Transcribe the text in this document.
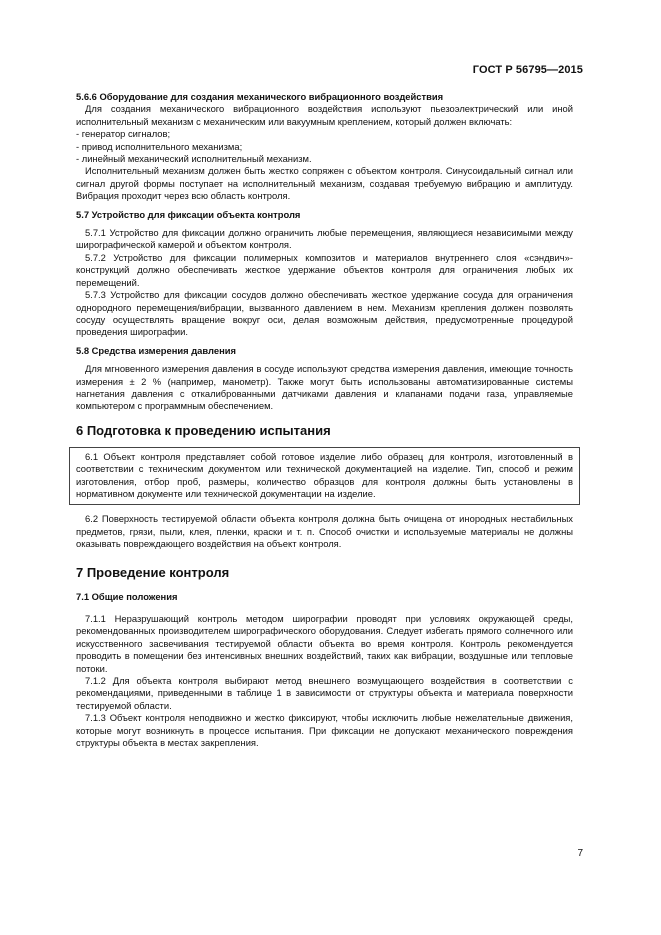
ГОСТ Р 56795—2015

5.6.6 Оборудование для создания механического вибрационного воздействия

Для создания механического вибрационного воздействия используют пьезоэлектрический или иной исполнительный механизм с механическим или вакуумным креплением, который должен включать:

- генератор сигналов;

- привод исполнительного механизма;

- линейный механический исполнительный механизм.

Исполнительный механизм должен быть жестко сопряжен с объектом контроля. Синусоидальный сигнал или сигнал другой формы поступает на исполнительный механизм, создавая требуемую вибрацию и амплитуду. Вибрация проходит через всю область контроля.

5.7 Устройство для фиксации объекта контроля

5.7.1 Устройство для фиксации должно ограничить любые перемещения, являющиеся независимыми между ширографической камерой и объектом контроля.

5.7.2 Устройство для фиксации полимерных композитов и материалов внутреннего слоя «сэндвич»-конструкций должно обеспечивать жесткое удержание объектов контроля для ограничения любых их перемещений.

5.7.3 Устройство для фиксации сосудов должно обеспечивать жесткое удержание сосуда для ограничения однородного перемещения/вибрации, вызванного давлением в нем. Механизм крепления должен позволять сосуду осуществлять вращение вокруг оси, делая возможным действия, предусмотренные процедурой проведения ширографии.

5.8 Средства измерения давления

Для мгновенного измерения давления в сосуде используют средства измерения давления, имеющие точность измерения ± 2 % (например, манометр). Также могут быть использованы автоматизированные системы нагнетания давления с откалиброванными датчиками давления и клапанами подачи газа, управляемые компьютером с программным обеспечением.

6 Подготовка к проведению испытания

6.1 Объект контроля представляет собой готовое изделие либо образец для контроля, изготовленный в соответствии с техническим документом или технической документацией на изделие. Тип, способ и режим изготовления, отбор проб, размеры, количество образцов для контроля должны быть установлены в нормативном документе или технической документации на изделие.

6.2 Поверхность тестируемой области объекта контроля должна быть очищена от инородных нестабильных предметов, грязи, пыли, клея, пленки, краски и т. п. Способ очистки и используемые материалы не должны оказывать повреждающего воздействия на объект контроля.

7 Проведение контроля

7.1 Общие положения

7.1.1 Неразрушающий контроль методом ширографии проводят при условиях окружающей среды, рекомендованных производителем ширографического оборудования. Следует избегать прямого солнечного или искусственного засвечивания тестируемой области объекта во время контроля. Контроль рекомендуется проводить в помещении без интенсивных внешних воздействий, таких как вибрации, воздушные или тепловые потоки.

7.1.2 Для объекта контроля выбирают метод внешнего возмущающего воздействия в соответствии с рекомендациями, приведенными в таблице 1 в зависимости от структуры объекта и материала поверхности тестируемой области.

7.1.3 Объект контроля неподвижно и жестко фиксируют, чтобы исключить любые нежелательные движения, которые могут возникнуть в процессе испытания. При фиксации не допускают механического повреждения структуры объекта в местах закрепления.

7
